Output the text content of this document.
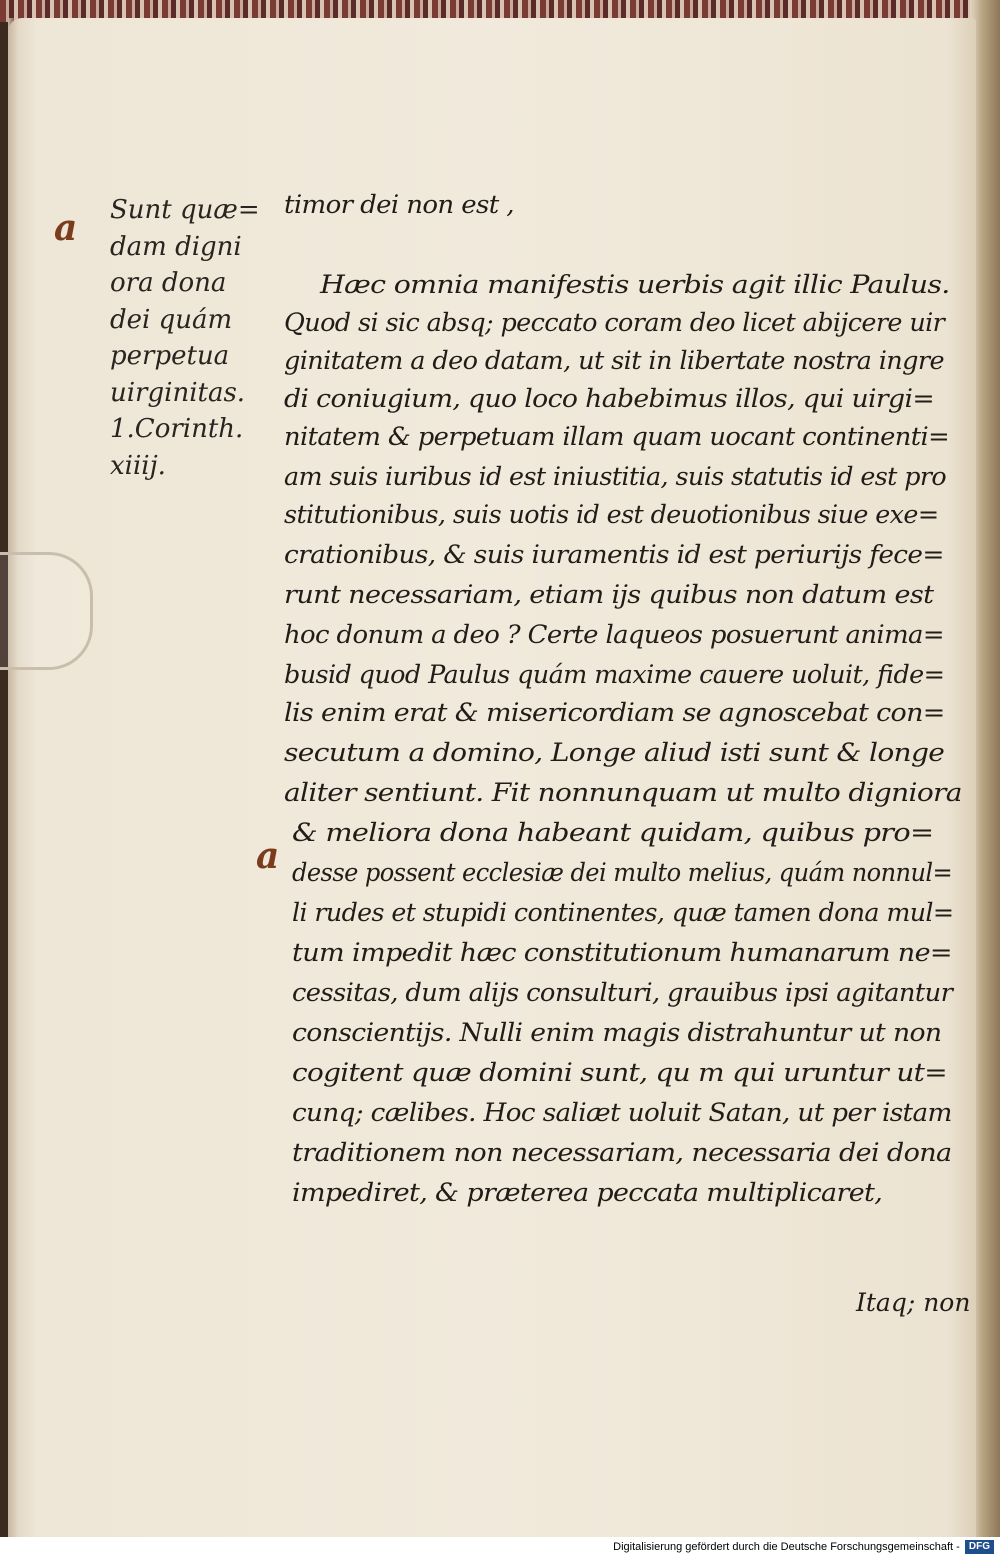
a
a
Sunt quæ=
dam digni
ora dona
dei quám
perpetua
uirginitas.
1.Corinth.
xiiij.
timor dei non est ,
Hæc omnia manifestis uerbis agit illic Paulus.
Quod si sic absq; peccato coram deo licet abijcere uir
ginitatem a deo datam, ut sit in libertate nostra ingre
di coniugium, quo loco habebimus illos, qui uirgi=
nitatem & perpetuam illam quam uocant continenti=
am suis iuribus id est iniustitia, suis statutis id est pro
stitutionibus, suis uotis id est deuotionibus siue exe=
crationibus, & suis iuramentis id est periurijs fece=
runt necessariam, etiam ijs quibus non datum est
hoc donum a deo ? Certe laqueos posuerunt anima=
busid quod Paulus quám maxime cauere uoluit, fide=
lis enim erat & misericordiam se agnoscebat con=
secutum a domino, Longe aliud isti sunt & longe
aliter sentiunt. Fit nonnunquam ut multo digniora
& meliora dona habeant quidam, quibus pro=
desse possent ecclesiæ dei multo melius, quám nonnul=
li rudes et stupidi continentes, quæ tamen dona mul=
tum impedit hæc constitutionum humanarum ne=
cessitas, dum alijs consulturi, grauibus ipsi agitantur
conscientijs. Nulli enim magis distrahuntur ut non
cogitent quæ domini sunt, qu m qui uruntur ut=
cunq; cælibes. Hoc saliæt uoluit Satan, ut per istam
traditionem non necessariam, necessaria dei dona
impediret, & præterea peccata multiplicaret,
Itaq; non
Digitalisierung gefördert durch die Deutsche Forschungsgemeinschaft - DFG
